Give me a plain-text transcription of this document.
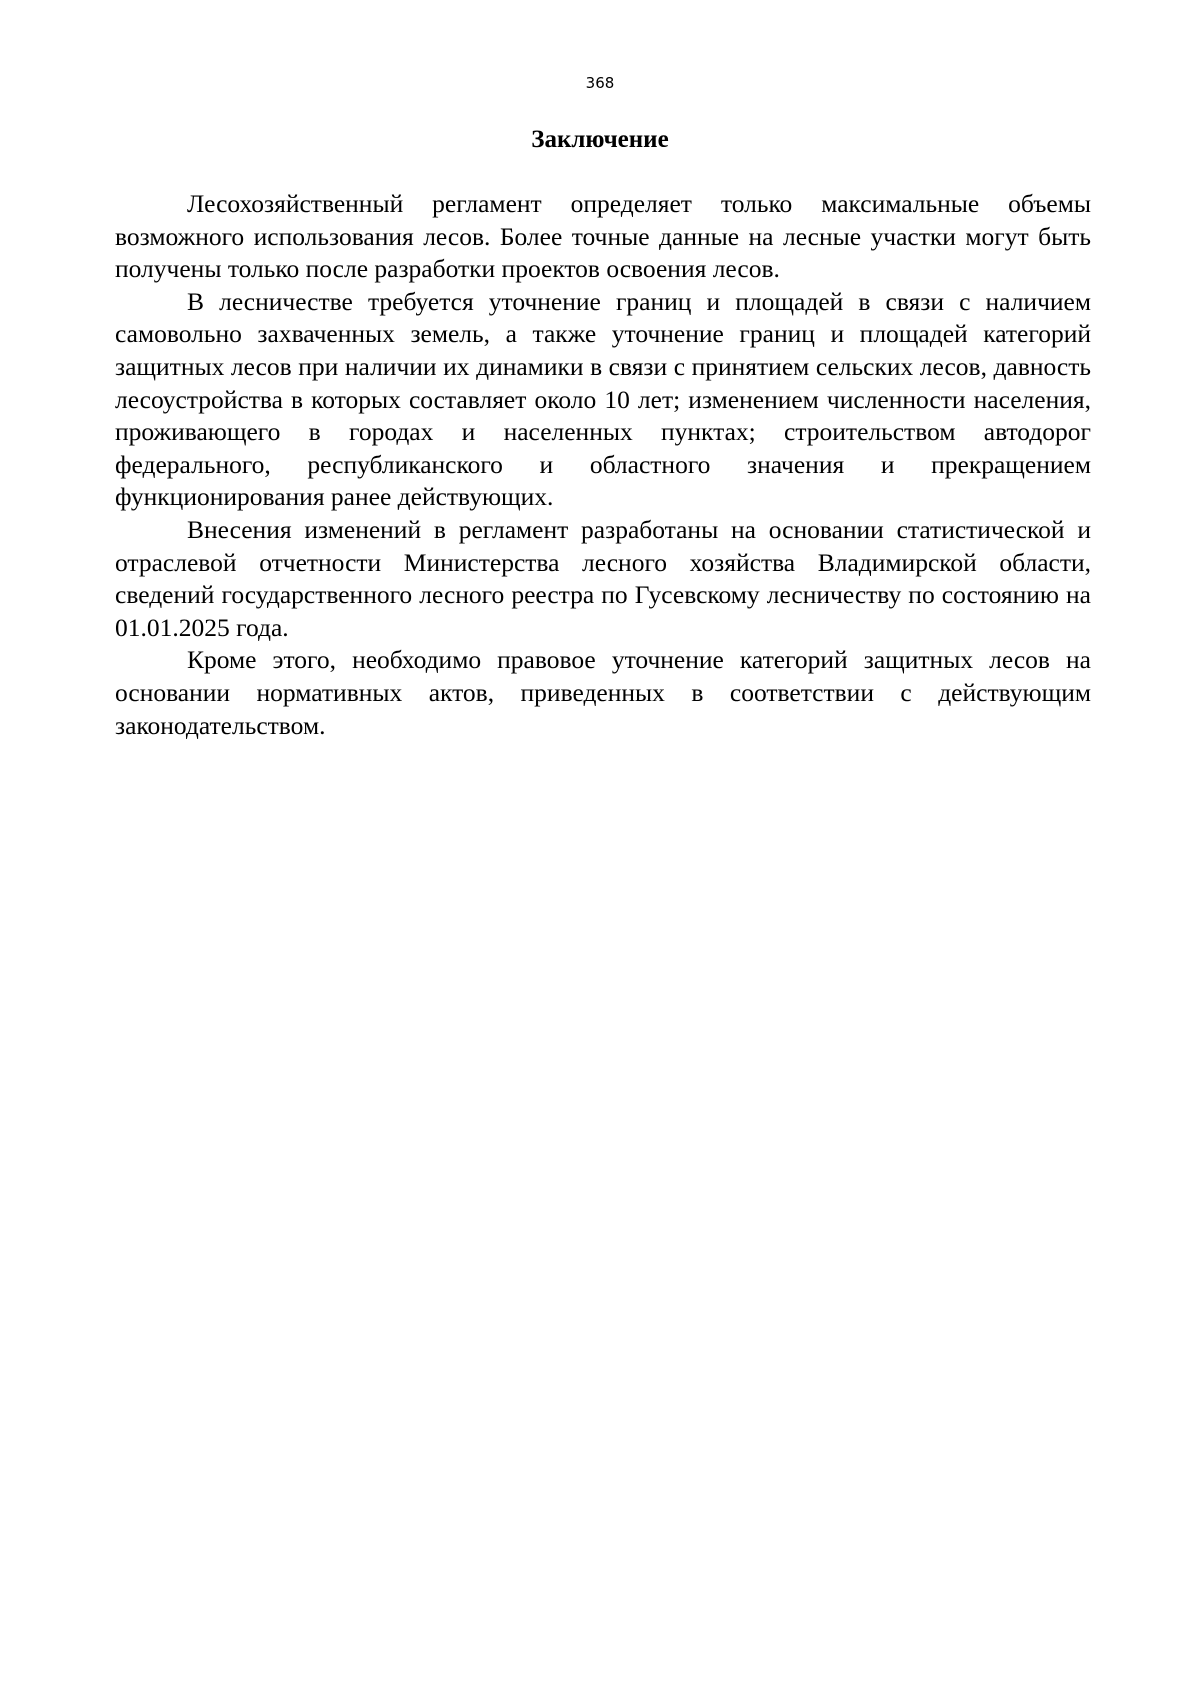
368
Заключение

Лесохозяйственный регламент определяет только максимальные объемы возможного использования лесов. Более точные данные на лесные участки могут быть получены только после разработки проектов освоения лесов.

В лесничестве требуется уточнение границ и площадей в связи с наличием самовольно захваченных земель, а также уточнение границ и площадей категорий защитных лесов при наличии их динамики в связи с принятием сельских лесов, давность лесоустройства в которых составляет около 10 лет; изменением численности населения, проживающего в городах и населенных пунктах; строительством автодорог федерального, республиканского и областного значения и прекращением функционирования ранее действующих.

Внесения изменений в регламент разработаны на основании статистической и отраслевой отчетности Министерства лесного хозяйства Владимирской области, сведений государственного лесного реестра по Гусевскому лесничеству по состоянию на 01.01.2025 года.

Кроме этого, необходимо правовое уточнение категорий защитных лесов на основании нормативных актов, приведенных в соответствии с действующим законодательством.
